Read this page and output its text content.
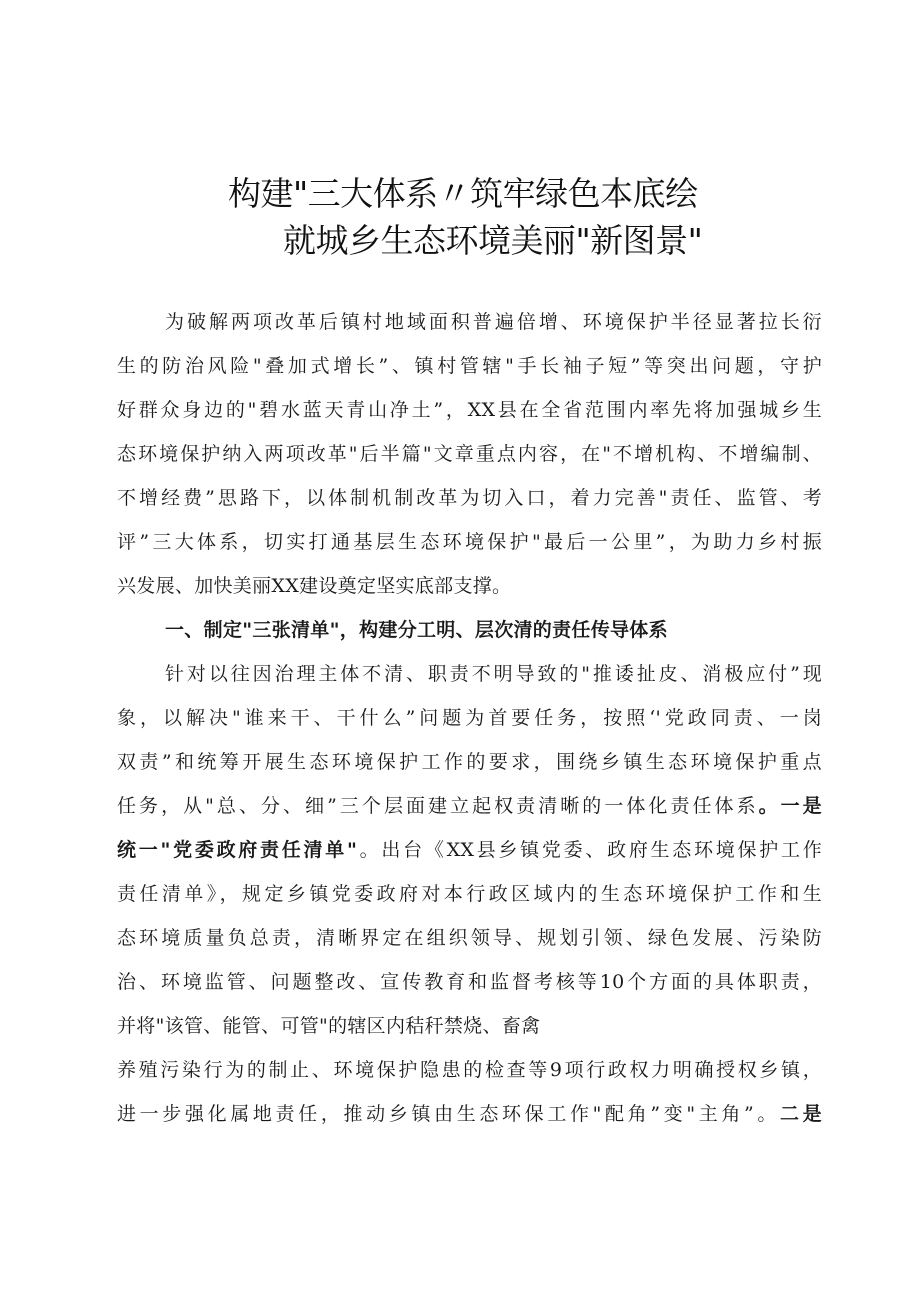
构建"三大体系〃筑牢绿色本底绘
就城乡生态环境美丽"新图景"
为破解两项改革后镇村地域面积普遍倍增、环境保护半径显著拉长衍
生的防治风险"叠加式增长”、镇村管辖"手长袖子短”等突出问题，守护
好群众身边的"碧水蓝天青山净土”，XX县在全省范围内率先将加强城乡生
态环境保护纳入两项改革"后半篇"文章重点内容，在"不增机构、不增编制、
不增经费”思路下，以体制机制改革为切入口，着力完善"责任、监管、考
评”三大体系，切实打通基层生态环境保护"最后一公里”，为助力乡村振
兴发展、加快美丽XX建设奠定坚实底部支撑。
一、制定"三张清单"，构建分工明、层次清的责任传导体系
针对以往因治理主体不清、职责不明导致的"推诿扯皮、消极应付”现
象，以解决"谁来干、干什么”问题为首要任务，按照‘'党政同责、一岗
双责”和统筹开展生态环境保护工作的要求，围绕乡镇生态环境保护重点
任务，从"总、分、细”三个层面建立起权责清晰的一体化责任体系。一是
统一"党委政府责任清单"。出台《XX县乡镇党委、政府生态环境保护工作
责任清单》，规定乡镇党委政府对本行政区域内的生态环境保护工作和生
态环境质量负总责，清晰界定在组织领导、规划引领、绿色发展、污染防
治、环境监管、问题整改、宣传教育和监督考核等10个方面的具体职责，
并将"该管、能管、可管"的辖区内秸秆禁烧、畜禽
养殖污染行为的制止、环境保护隐患的检查等9项行政权力明确授权乡镇，
进一步强化属地责任，推动乡镇由生态环保工作"配角”变"主角”。二是
